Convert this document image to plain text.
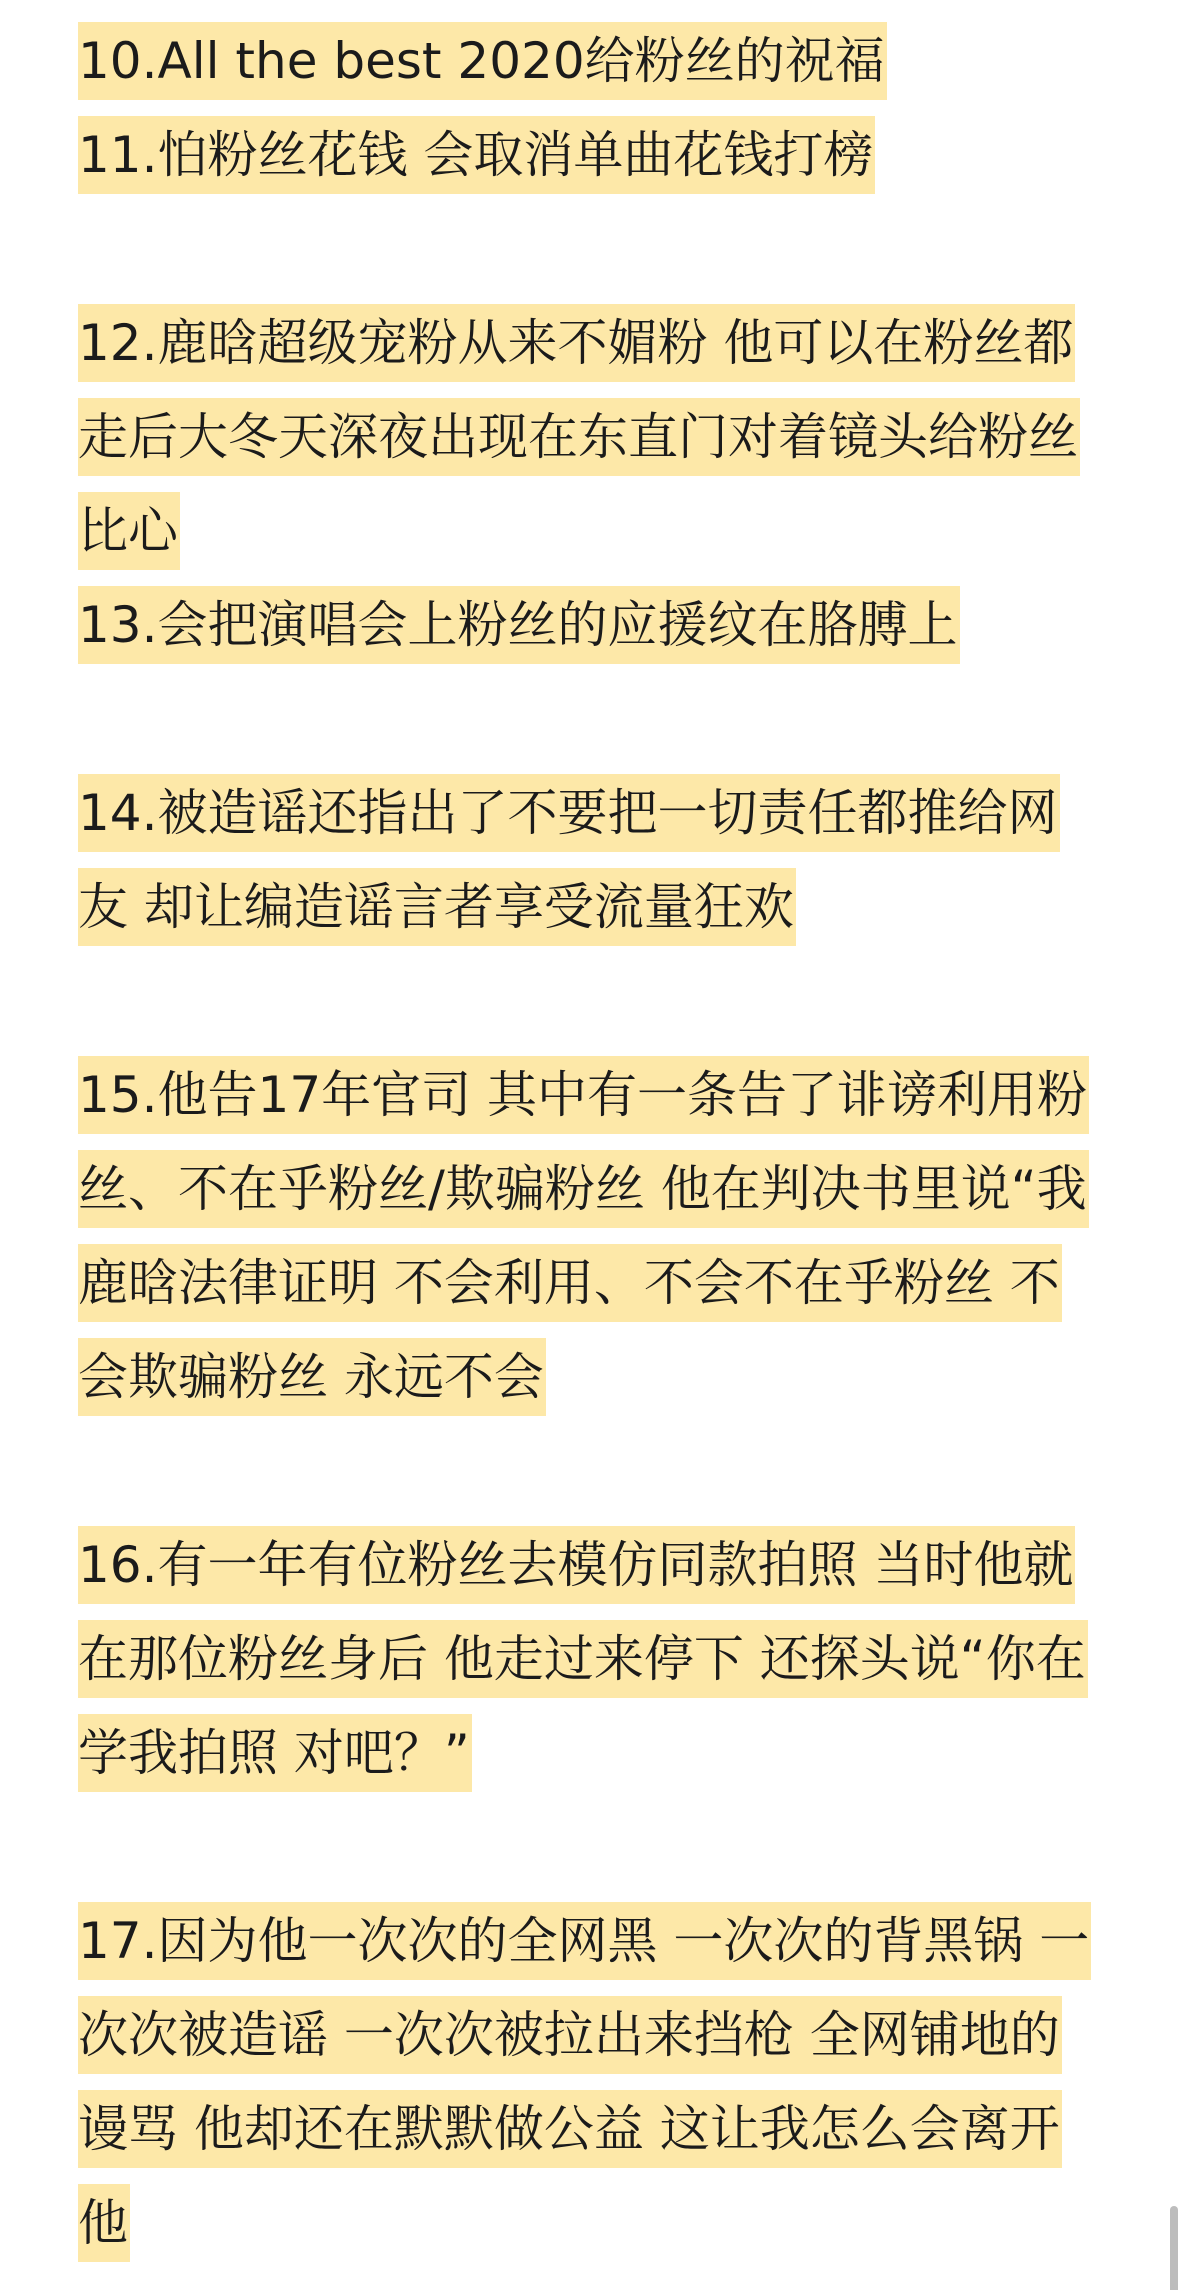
10.All the best 2020给粉丝的祝福
11.怕粉丝花钱 会取消单曲花钱打榜
12.鹿晗超级宠粉从来不媚粉 他可以在粉丝都
走后大冬天深夜出现在东直门对着镜头给粉丝
比心
13.会把演唱会上粉丝的应援纹在胳膊上
14.被造谣还指出了不要把一切责任都推给网
友 却让编造谣言者享受流量狂欢
15.他告17年官司 其中有一条告了诽谤利用粉
丝、不在乎粉丝/欺骗粉丝 他在判决书里说“我
鹿晗法律证明 不会利用、不会不在乎粉丝 不
会欺骗粉丝 永远不会
16.有一年有位粉丝去模仿同款拍照 当时他就
在那位粉丝身后 他走过来停下 还探头说“你在
学我拍照 对吧？”
17.因为他一次次的全网黑 一次次的背黑锅 一
次次被造谣 一次次被拉出来挡枪 全网铺地的
谩骂 他却还在默默做公益 这让我怎么会离开
他
